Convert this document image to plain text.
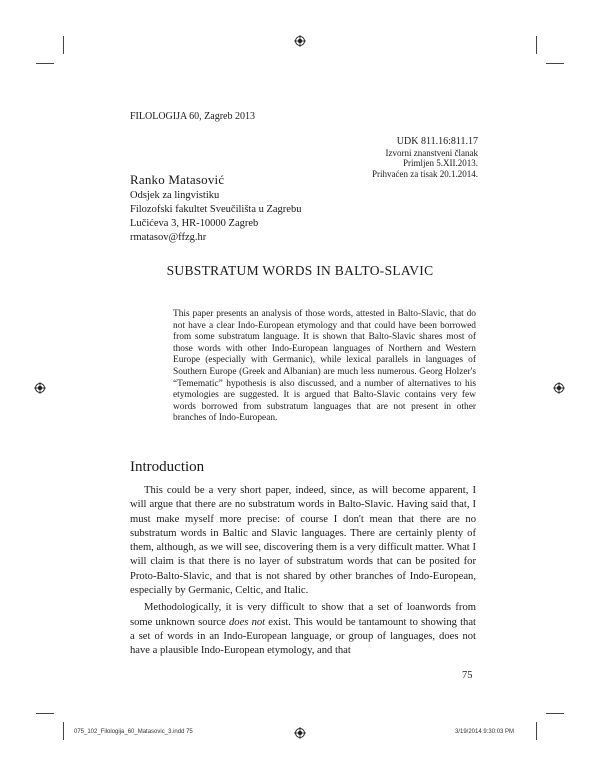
FILOLOGIJA 60, Zagreb 2013
UDK 811.16:811.17
Izvorni znanstveni članak
Primljen 5.XII.2013.
Prihvaćen za tisak 20.1.2014.
Ranko Matasović
Odsjek za lingvistiku
Filozofski fakultet Sveučilišta u Zagrebu
Lučićeva 3, HR-10000 Zagreb
rmatasov@ffzg.hr
SUBSTRATUM WORDS IN BALTO-SLAVIC
This paper presents an analysis of those words, attested in Balto-Slavic, that do not have a clear Indo-European etymology and that could have been borrowed from some substratum language. It is shown that Balto-Slavic shares most of those words with other Indo-European languages of Northern and Western Europe (especially with Germanic), while lexical parallels in languages of Southern Europe (Greek and Albanian) are much less numerous. Georg Holzer's “Temematic” hypothesis is also discussed, and a number of alternatives to his etymologies are suggested. It is argued that Balto-Slavic contains very few words borrowed from substratum languages that are not present in other branches of Indo-European.
Introduction

This could be a very short paper, indeed, since, as will become apparent, I will argue that there are no substratum words in Balto-Slavic. Having said that, I must make myself more precise: of course I don't mean that there are no substratum words in Baltic and Slavic languages. There are certainly plenty of them, although, as we will see, discovering them is a very difficult matter. What I will claim is that there is no layer of substratum words that can be posited for Proto-Balto-Slavic, and that is not shared by other branches of Indo-European, especially by Germanic, Celtic, and Italic.

Methodologically, it is very difficult to show that a set of loanwords from some unknown source does not exist. This would be tantamount to showing that a set of words in an Indo-European language, or group of languages, does not have a plausible Indo-European etymology, and that

75
075_102_Filologija_60_Matasovic_3.indd 75	3/19/2014 9:30:03 PM
